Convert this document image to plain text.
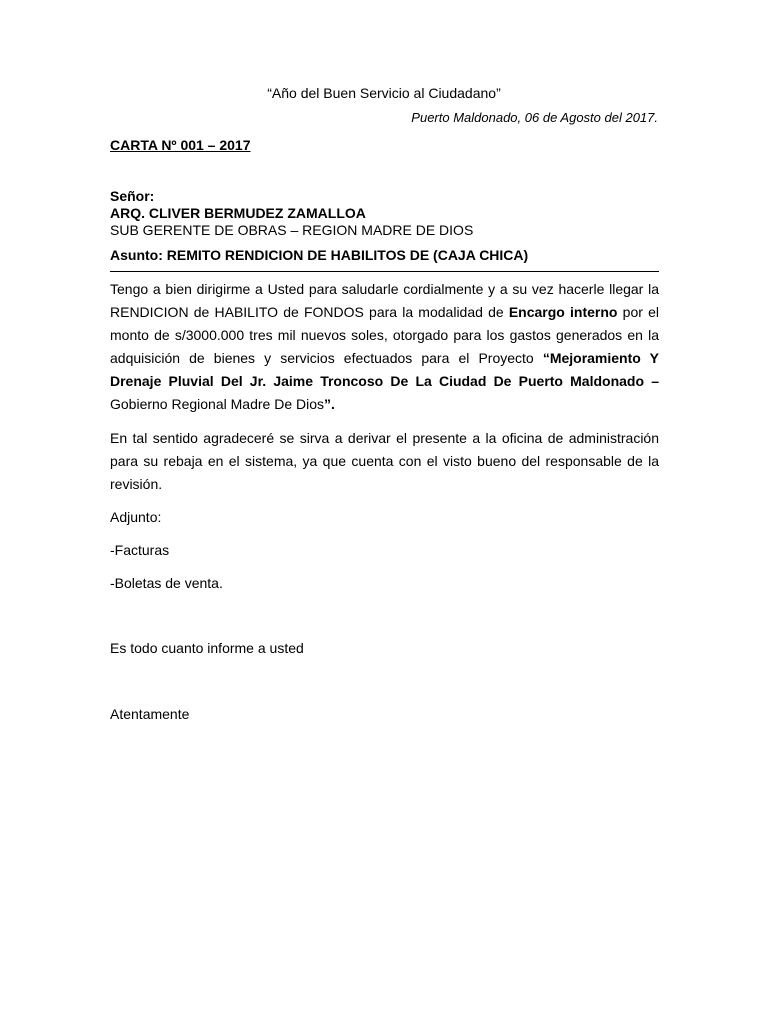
“Año del Buen Servicio al Ciudadano”
Puerto Maldonado, 06 de Agosto del 2017.
CARTA Nº 001 – 2017
Señor:
ARQ. CLIVER BERMUDEZ ZAMALLOA
SUB GERENTE DE OBRAS – REGION MADRE DE DIOS
Asunto: REMITO RENDICION DE HABILITOS DE (CAJA CHICA)
Tengo a bien dirigirme a Usted para saludarle cordialmente y a su vez hacerle llegar la RENDICION de HABILITO de FONDOS para la modalidad de Encargo interno por el monto de s/3000.000 tres mil nuevos soles, otorgado para los gastos generados en la adquisición de bienes y servicios efectuados para el Proyecto “Mejoramiento Y Drenaje Pluvial Del Jr. Jaime Troncoso De La Ciudad De Puerto Maldonado – Gobierno Regional Madre De Dios”.
En tal sentido agradeceré se sirva a derivar el presente a la oficina de administración para su rebaja en el sistema, ya que cuenta con el visto bueno del responsable de la revisión.
Adjunto:
-Facturas
-Boletas de venta.
Es todo cuanto informe a usted
Atentamente
